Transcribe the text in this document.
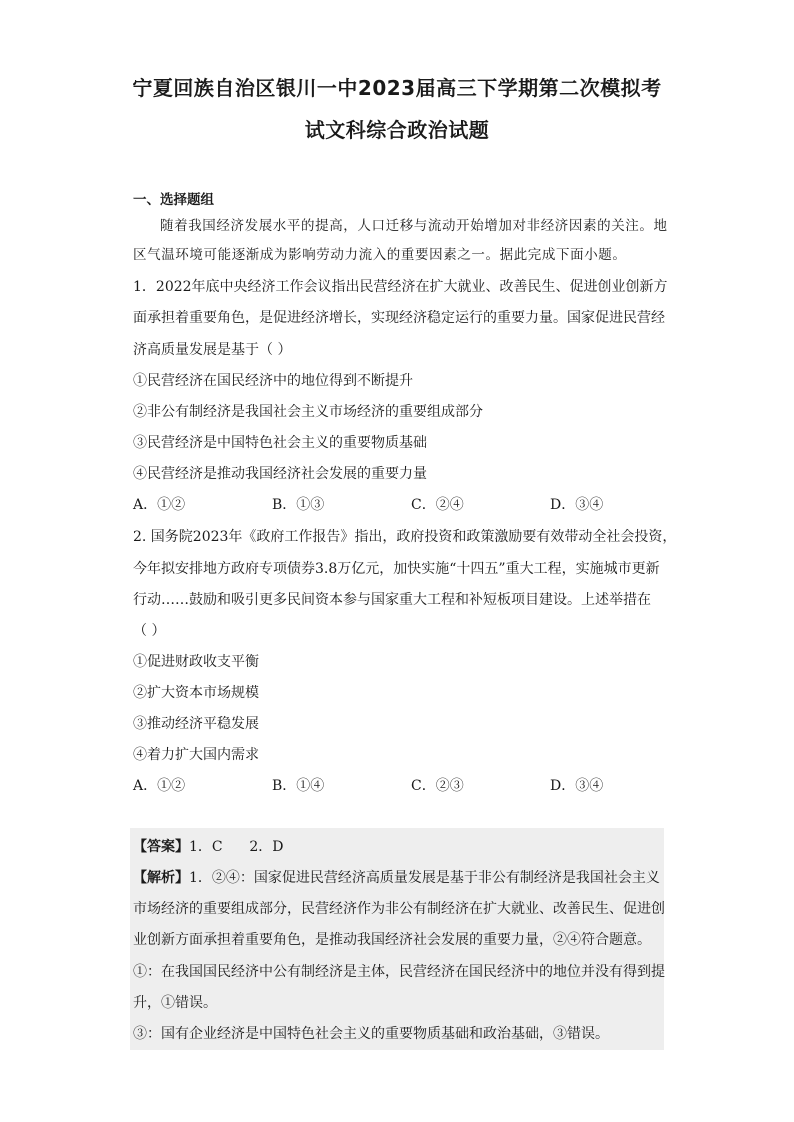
宁夏回族自治区银川一中2023届高三下学期第二次模拟考
试文科综合政治试题
一、选择题组
随着我国经济发展水平的提高，人口迁移与流动开始增加对非经济因素的关注。地
区气温环境可能逐渐成为影响劳动力流入的重要因素之一。据此完成下面小题。
1．2022年底中央经济工作会议指出民营经济在扩大就业、改善民生、促进创业创新方
面承担着重要角色，是促进经济增长，实现经济稳定运行的重要力量。国家促进民营经
济高质量发展是基于（ ）
①民营经济在国民经济中的地位得到不断提升
②非公有制经济是我国社会主义市场经济的重要组成部分
③民营经济是中国特色社会主义的重要物质基础
④民营经济是推动我国经济社会发展的重要力量
A．①②	B．①③	C．②④	D．③④
2. 国务院2023年《政府工作报告》指出，政府投资和政策激励要有效带动全社会投资，
今年拟安排地方政府专项债券3.8万亿元，加快实施“十四五”重大工程，实施城市更新
行动……鼓励和吸引更多民间资本参与国家重大工程和补短板项目建设。上述举措在
（ ）
①促进财政收支平衡
②扩大资本市场规模
③推动经济平稳发展
④着力扩大国内需求
A．①②	B．①④	C．②③	D．③④
【答案】1．C      2．D
【解析】1．②④：国家促进民营经济高质量发展是基于非公有制经济是我国社会主义
市场经济的重要组成部分，民营经济作为非公有制经济在扩大就业、改善民生、促进创
业创新方面承担着重要角色，是推动我国经济社会发展的重要力量，②④符合题意。
①：在我国国民经济中公有制经济是主体，民营经济在国民经济中的地位并没有得到提
升，①错误。
③：国有企业经济是中国特色社会主义的重要物质基础和政治基础，③错误。
